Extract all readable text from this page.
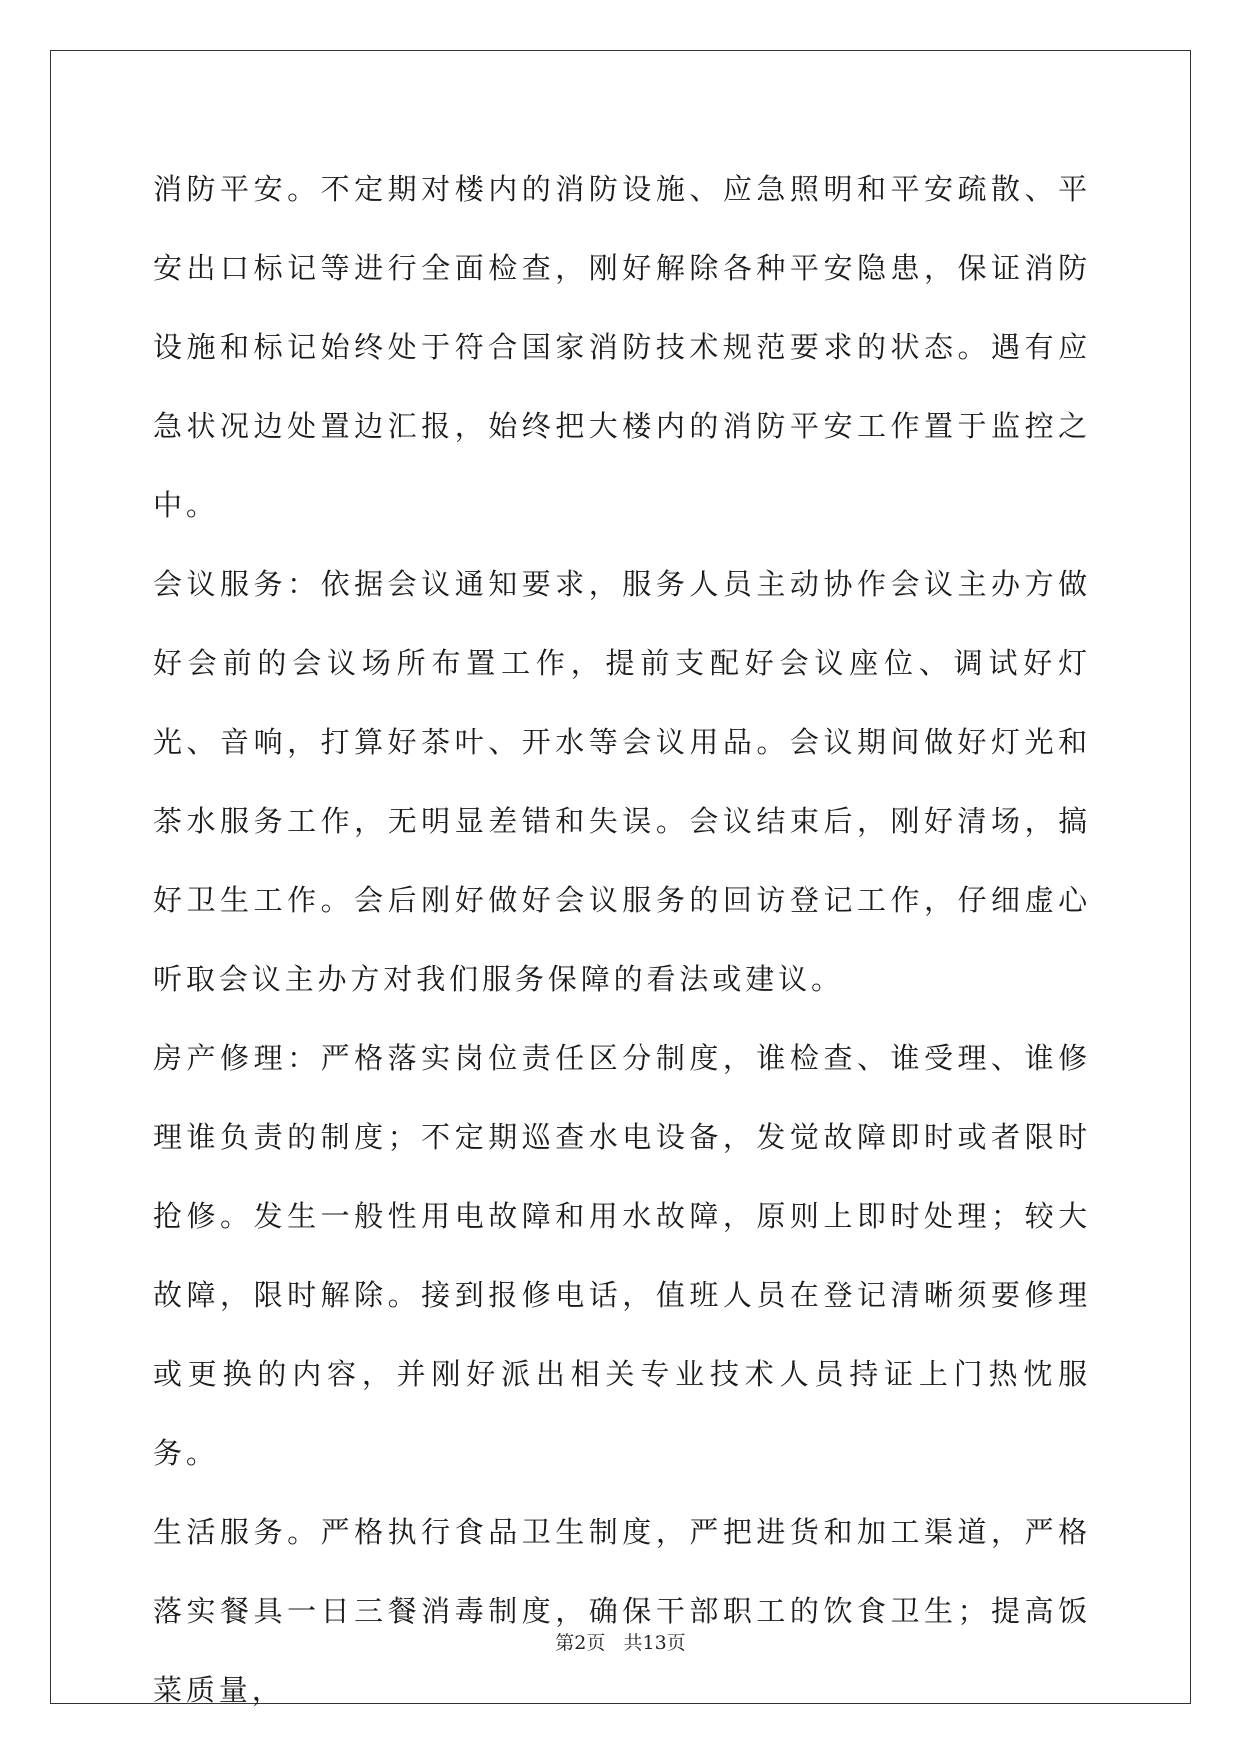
消防平安。不定期对楼内的消防设施、应急照明和平安疏散、平安出口标记等进行全面检查，刚好解除各种平安隐患，保证消防设施和标记始终处于符合国家消防技术规范要求的状态。遇有应急状况边处置边汇报，始终把大楼内的消防平安工作置于监控之中。

会议服务：依据会议通知要求，服务人员主动协作会议主办方做好会前的会议场所布置工作，提前支配好会议座位、调试好灯光、音响，打算好茶叶、开水等会议用品。会议期间做好灯光和茶水服务工作，无明显差错和失误。会议结束后，刚好清场，搞好卫生工作。会后刚好做好会议服务的回访登记工作，仔细虚心听取会议主办方对我们服务保障的看法或建议。

房产修理：严格落实岗位责任区分制度，谁检查、谁受理、谁修理谁负责的制度；不定期巡查水电设备，发觉故障即时或者限时抢修。发生一般性用电故障和用水故障，原则上即时处理；较大故障，限时解除。接到报修电话，值班人员在登记清晰须要修理或更换的内容，并刚好派出相关专业技术人员持证上门热忱服务。

生活服务。严格执行食品卫生制度，严把进货和加工渠道，严格落实餐具一日三餐消毒制度，确保干部职工的饮食卫生；提高饭菜质量，

第2页   共13页
